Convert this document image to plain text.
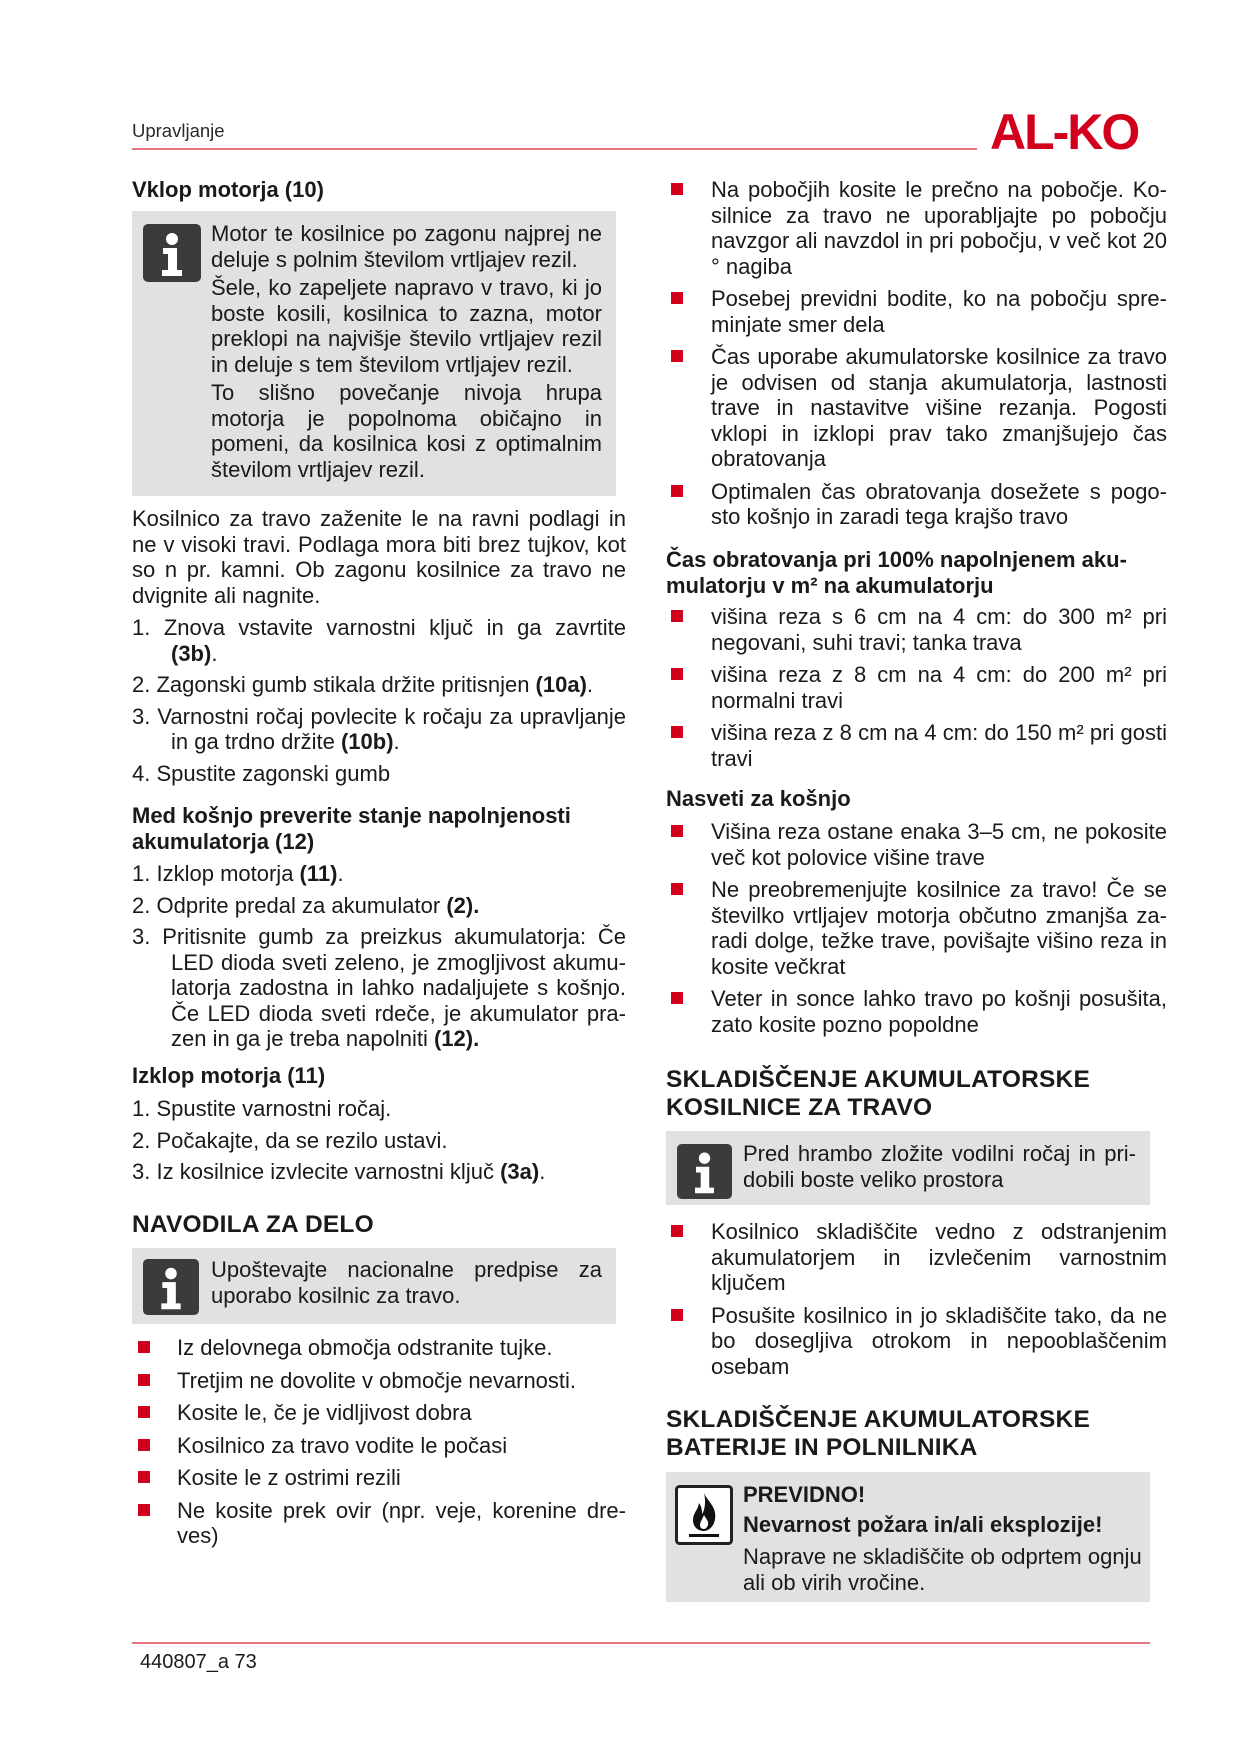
Upravljanje	AL-KO
Vklop motorja (10)

Motor te kosilnice po zagonu najprej ne deluje s polnim številom vrtljajev rezil.

Šele, ko zapeljete napravo v travo, ki jo boste kosili, kosilnica to zazna, motor preklopi na najvišje število vrtljajev rezil in deluje s tem številom vrtljajev rezil.

To slišno povečanje nivoja hrupa motorja je popolnoma običajno in pomeni, da kosilnica kosi z optimalnim številom vrtljajev rezil.

Kosilnico za travo zaženite le na ravni podlagi in ne v visoki travi. Podlaga mora biti brez tujkov, kot so n pr. kamni. Ob zagonu kosilnice za travo ne dvignite ali nagnite.

1. Znova vstavite varnostni ključ in ga zavrtite (3b).
2. Zagonski gumb stikala držite pritisnjen (10a).
3. Varnostni ročaj povlecite k ročaju za upravljanje in ga trdno držite (10b).
4. Spustite zagonski gumb
Med košnjo preverite stanje napolnjenosti akumulatorja (12)
1. Izklop motorja (11).
2. Odprite predal za akumulator (2).
3. Pritisnite gumb za preizkus akumulatorja: Če LED dioda sveti zeleno, je zmogljivost akumulatorja zadostna in lahko nadaljujete s košnjo. Če LED dioda sveti rdeče, je akumulator prazen in ga je treba napolniti (12).
Izklop motorja (11)
1. Spustite varnostni ročaj.
2. Počakajte, da se rezilo ustavi.
3. Iz kosilnice izvlecite varnostni ključ (3a).
NAVODILA ZA DELO

Upoštevajte nacionalne predpise za uporabo kosilnic za travo.

Iz delovnega območja odstranite tujke.
Tretjim ne dovolite v območje nevarnosti.
Kosite le, če je vidljivost dobra
Kosilnico za travo vodite le počasi
Kosite le z ostrimi rezili
Ne kosite prek ovir (npr. veje, korenine dreves)
Na pobočjih kosite le prečno na pobočje. Kosilnice za travo ne uporabljajte po pobočju navzgor ali navzdol in pri pobočju, v več kot 20 ° nagiba
Posebej previdni bodite, ko na pobočju spreminjate smer dela
Čas uporabe akumulatorske kosilnice za travo je odvisen od stanja akumulatorja, lastnosti trave in nastavitve višine rezanja. Pogosti vklopi in izklopi prav tako zmanjšujejo čas obratovanja
Optimalen čas obratovanja dosežete s pogosto košnjo in zaradi tega krajšo travo
Čas obratovanja pri 100% napolnjenem akumulatorju v m² na akumulatorju
višina reza s 6 cm na 4 cm: do 300 m² pri negovani, suhi travi; tanka trava
višina reza z 8 cm na 4 cm: do 200 m² pri normalni travi
višina reza z 8 cm na 4 cm: do 150 m² pri gosti travi
Nasveti za košnjo
Višina reza ostane enaka 3–5 cm, ne pokosite več kot polovice višine trave
Ne preobremenjujte kosilnice za travo! Če se številko vrtljajev motorja občutno zmanjša zaradi dolge, težke trave, povišajte višino reza in kosite večkrat
Veter in sonce lahko travo po košnji posušita, zato kosite pozno popoldne
SKLADIŠČENJE AKUMULATORSKE KOSILNICE ZA TRAVO

Pred hrambo zložite vodilni ročaj in pridobili boste veliko prostora

Kosilnico skladiščite vedno z odstranjenim akumulatorjem in izvlečenim varnostnim ključem
Posušite kosilnico in jo skladiščite tako, da ne bo dosegljiva otrokom in nepooblaščenim osebam
SKLADIŠČENJE AKUMULATORSKE BATERIJE IN POLNILNIKA
PREVIDNO!
Nevarnost požara in/ali eksplozije!
Naprave ne skladiščite ob odprtem ognju ali ob virih vročine.
440807_a 73
